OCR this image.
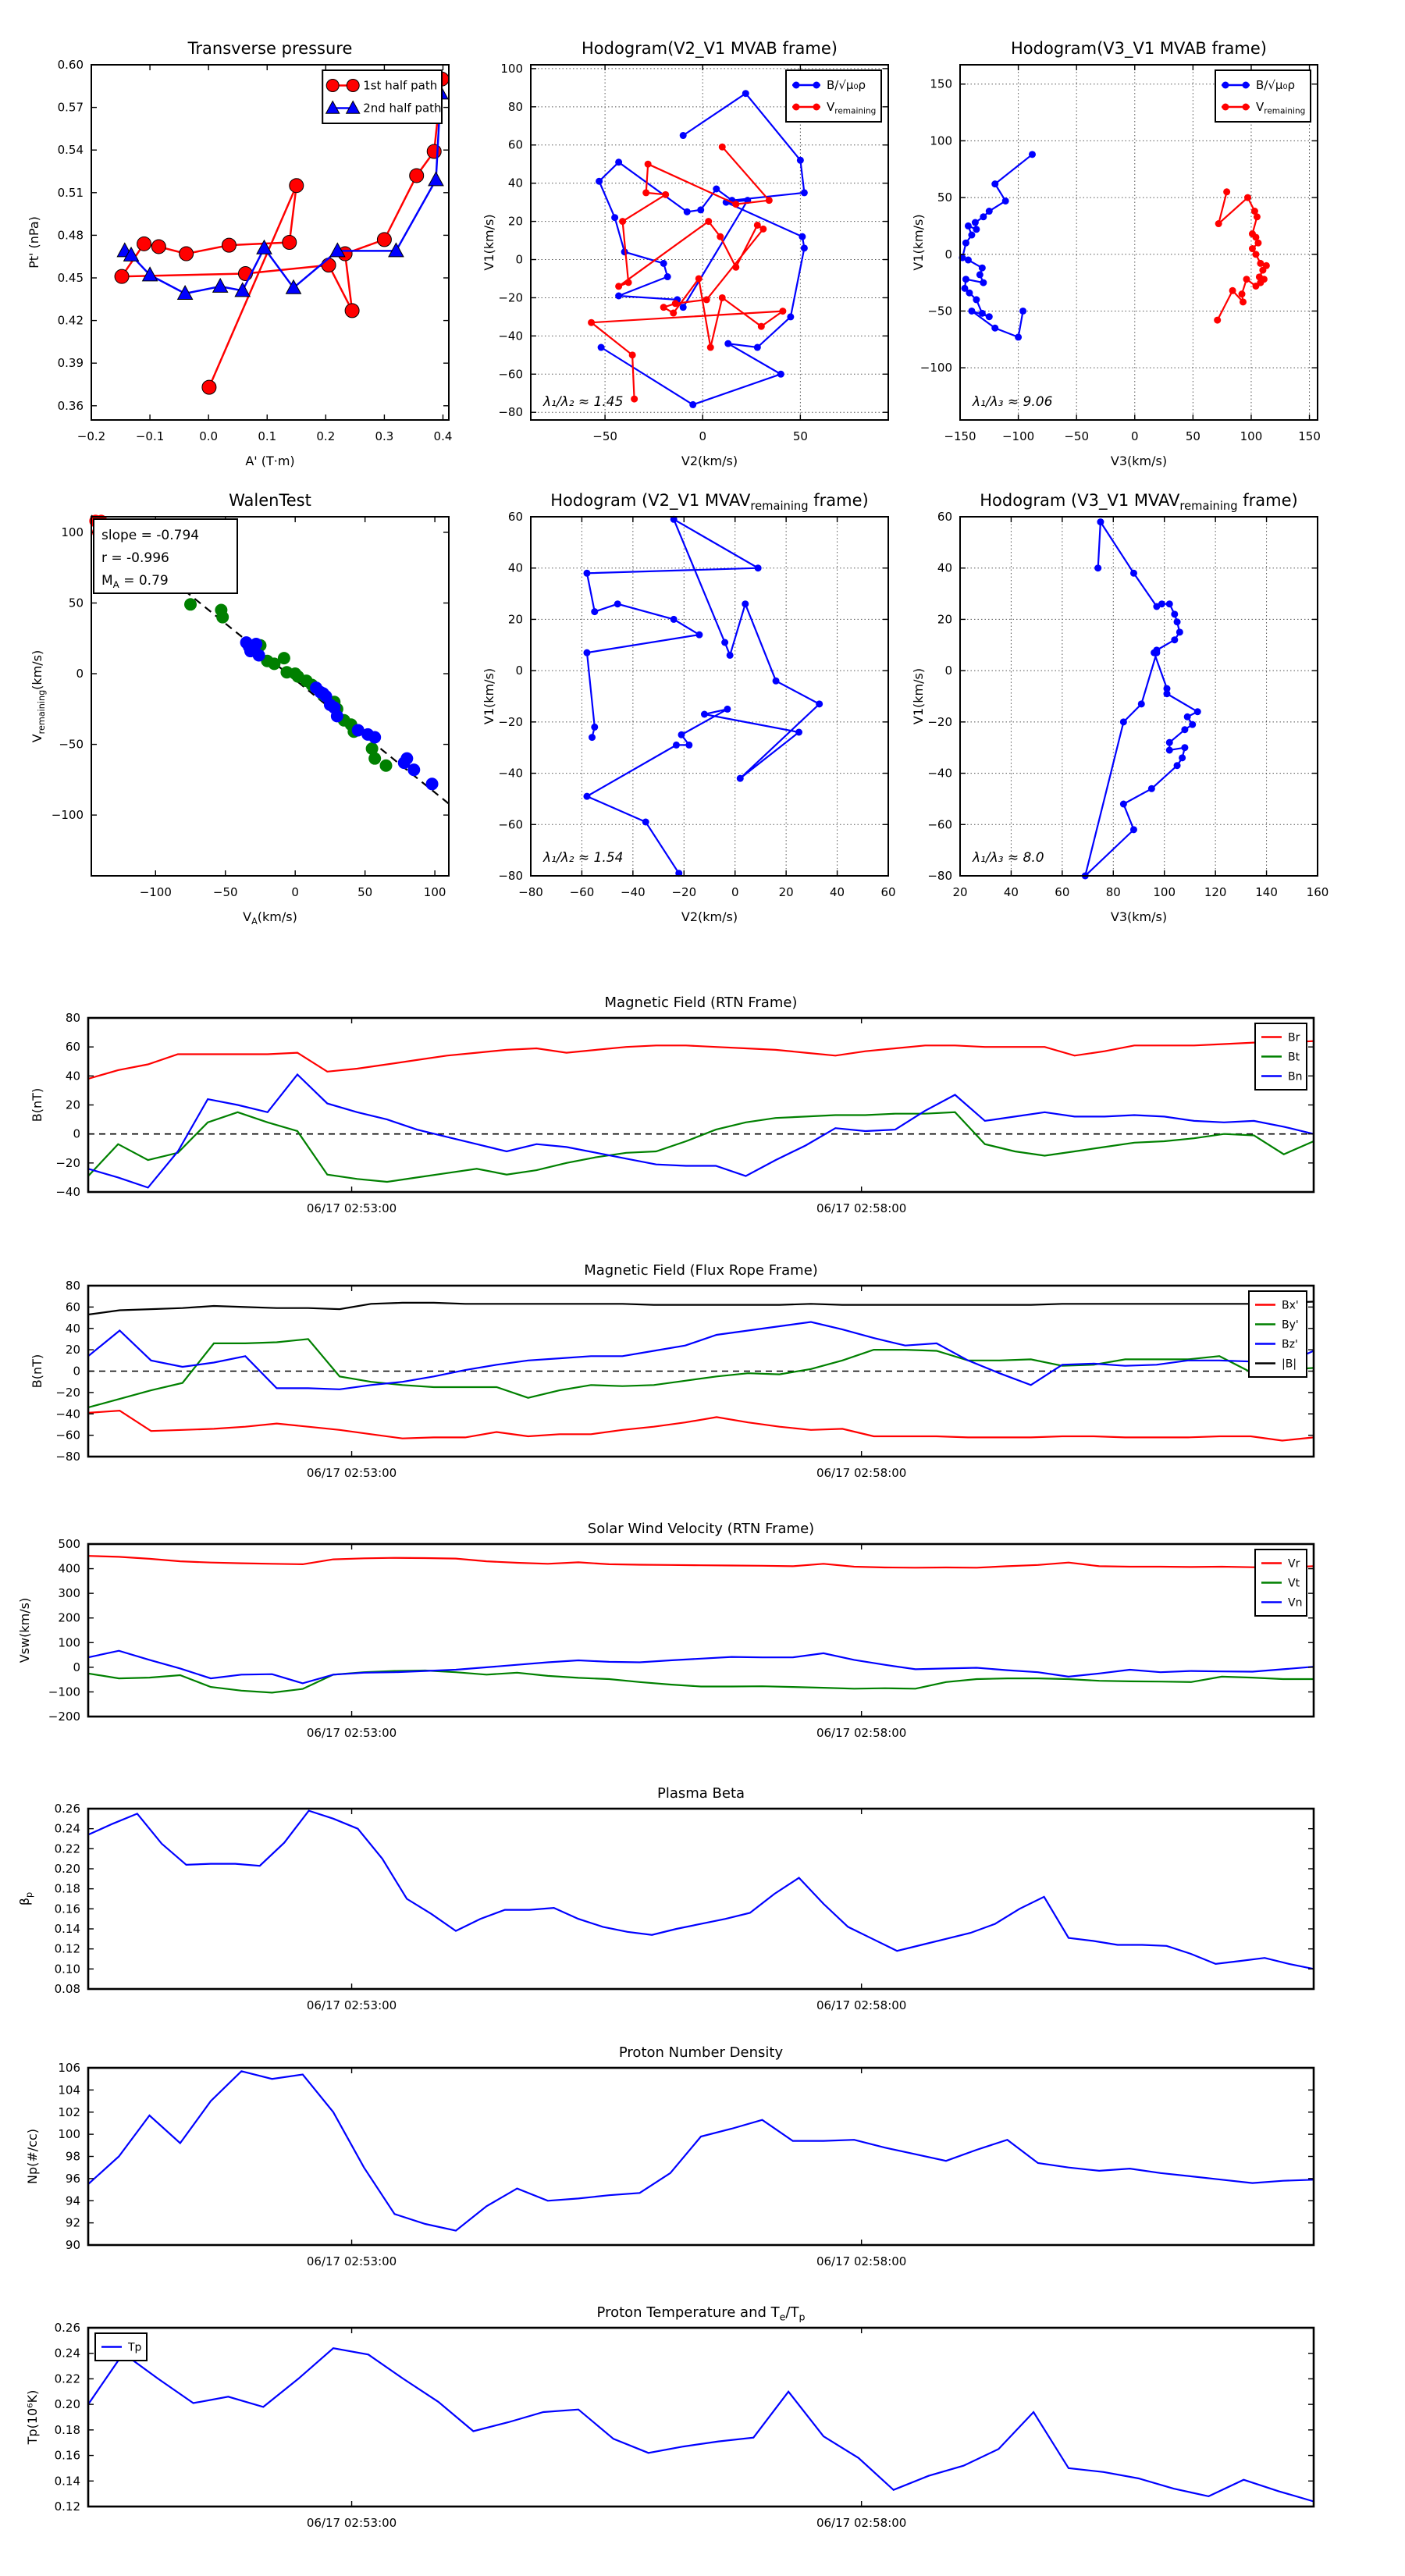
−0.2	−0.1	0.0	0.1	0.2	0.3	0.4
0.36
0.39
0.42
0.45
0.48
0.51
0.54
0.57
0.60
Transverse pressure
A' (T·m)
Pt' (nPa)
1st half path
2nd half path
−50	0	50
100
80
60
40
20
0
−20
−40
−60
−80
Hodogram(V2_V1 MVAB frame)
V2(km/s)
V1(km/s)
B/√μ₀ρ
$V_{remaining}$
λ₁/λ₂ ≈ 1.45
−150 −100	−50	0	50	100	150
150
100
50
0
−50
−100
Hodogram(V3_V1 MVAB frame)
V3(km/s)
V1(km/s)
B/√μ₀ρ
$V_{remaining}$
λ₁/λ₃ ≈ 9.06
−100	−50	0	50	100
100
50
0
−50
−100
WalenTest
$V_A(km/s)$
$V_{remaining}(km/s)$
slope = -0.794
r = -0.996
$M_A = 0.79$
−80 −60 −40 −20	0	20	40	60
60
40
20
0
−20
−40
−60
−80
Hodogram (V2_V1 $MVAV_{remaining}$ frame)
V2(km/s)
V1(km/s)
λ₁/λ₂ ≈ 1.54
20	40	60	80	100 120 140 160
60
40
20
0
−20
−40
−60
−80
Hodogram (V3_V1 $MVAV_{remaining}$ frame)
V3(km/s)
V1(km/s)
λ₁/λ₃ ≈ 8.0
06/17 02:53:00	06/17 02:58:00
80
60
40
20
0
−20
−40
Magnetic Field (RTN Frame)
B(nT)
Br
Bt
Bn
06/17 02:53:00	06/17 02:58:00
80
60
40
20
0
−20
−40
−60
−80
Magnetic Field (Flux Rope Frame)
B(nT)
Bx'
By'
Bz'
|B|
06/17 02:53:00	06/17 02:58:00
500
400
300
200
100
0
−100
−200
Solar Wind Velocity (RTN Frame)
Vsw(km/s)
Vr
Vt
Vn
06/17 02:53:00	06/17 02:58:00
0.26
0.24
0.22
0.20
0.18
0.16
0.14
0.12
0.10
0.08
Plasma Beta
$\beta_p$
06/17 02:53:00	06/17 02:58:00
106
104
102
100
98
96
94
92
90
Proton Number Density
Np(#/cc)
06/17 02:53:00	06/17 02:58:00
0.26
0.24
0.22
0.20
0.18
0.16
0.14
0.12
Proton Temperature and $T_e/T_p$
Tp(10⁶K)
Tp
